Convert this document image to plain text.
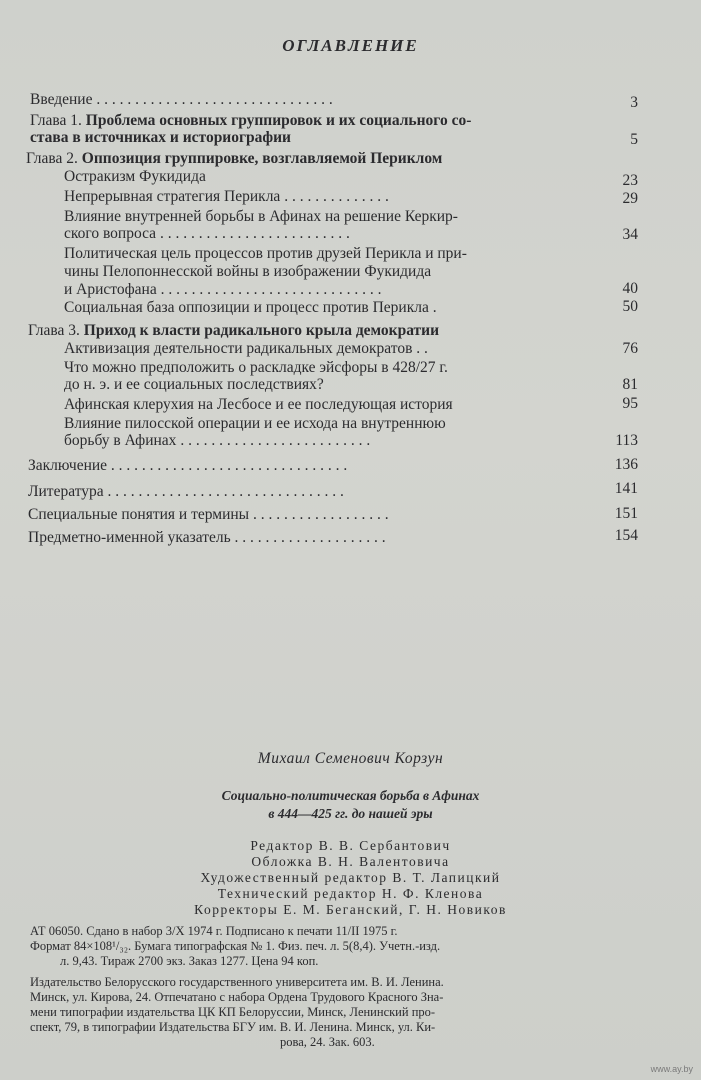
ОГЛАВЛЕНИЕ
Введение . . . . . . . . . . . . . . . . . . . . . . . . . . . . . . .	3
Глава 1. Проблема основных группировок и их социального со-
става в источниках и историографии	5
Глава 2. Оппозиция группировке, возглавляемой Периклом
Остракизм Фукидида	23
Непрерывная стратегия Перикла . . . . . . . . . . . . . .	29
Влияние внутренней борьбы в Афинах на решение Керкир-
ского вопроса . . . . . . . . . . . . . . . . . . . . . . . . .	34
Политическая цель процессов против друзей Перикла и при-
чины Пелопоннесской войны в изображении Фукидида
и Аристофана . . . . . . . . . . . . . . . . . . . . . . . . . . . . .	40
Социальная база оппозиции и процесс против Перикла .	50
Глава 3. Приход к власти радикального крыла демократии
Активизация деятельности радикальных демократов . .	76
Что можно предположить о раскладке эйсфоры в 428/27 г.
до н. э. и ее социальных последствиях?	81
Афинская клерухия на Лесбосе и ее последующая история	95
Влияние пилосской операции и ее исхода на внутреннюю
борьбу в Афинах . . . . . . . . . . . . . . . . . . . . . . . . .	113
Заключение . . . . . . . . . . . . . . . . . . . . . . . . . . . . . . .	136
Литература . . . . . . . . . . . . . . . . . . . . . . . . . . . . . . .	141
Специальные понятия и термины . . . . . . . . . . . . . . . . . .	151
Предметно-именной указатель . . . . . . . . . . . . . . . . . . . .	154
Михаил Семенович Корзун
Социально-политическая борьба в Афинах
в 444—425 гг. до нашей эры
Редактор В. В. Сербантович
Обложка В. Н. Валентовича
Художественный редактор В. Т. Лапицкий
Технический редактор Н. Ф. Кленова
Корректоры Е. М. Беганский, Г. Н. Новиков
АТ 06050. Сдано в набор 3/X 1974 г. Подписано к печати 11/II 1975 г.
Формат 84×108¹/₃₂. Бумага типографская № 1. Физ. печ. л. 5(8,4). Учетн.-изд.
л. 9,43. Тираж 2700 экз. Заказ 1277. Цена 94 коп.
Издательство Белорусского государственного университета им. В. И. Ленина.
Минск, ул. Кирова, 24. Отпечатано с набора Ордена Трудового Красного Зна-
мени типографии издательства ЦК КП Белоруссии, Минск, Ленинский про-
спект, 79, в типографии Издательства БГУ им. В. И. Ленина. Минск, ул. Ки-
рова, 24. Зак. 603.
www.ay.by
